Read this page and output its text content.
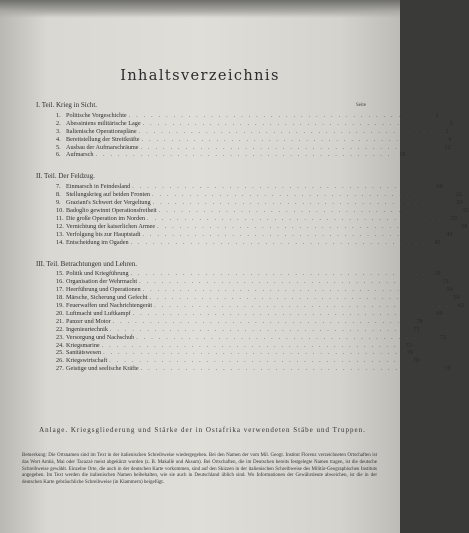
Inhaltsverzeichnis
I. Teil. Krieg in Sicht.	Seite
1. Politische Vorgeschichte . . . . . . . . . . . . . . . . . . . . . . . . . . . . . . . . . . . . . . . .	1
2. Abessiniens militärische Lage . . . . . . . . . . . . . . . . . . . . . . . . . . . . . . . . . . . . . . . .	3
3. Italienische Operationspläne . . . . . . . . . . . . . . . . . . . . . . . . . . . . . . . . . . . . . . . .	5
4. Bereitstellung der Streitkräfte . . . . . . . . . . . . . . . . . . . . . . . . . . . . . . . . . . . . . . . .	6
5. Ausbau der Aufmarschräume . . . . . . . . . . . . . . . . . . . . . . . . . . . . . . . . . . . . . . . .	12
6. Aufmarsch . . . . . . . . . . . . . . . . . . . . . . . . . . . . . . . . . . . . . . . .	16
II. Teil. Der Feldzug.
7. Einmarsch in Feindesland . . . . . . . . . . . . . . . . . . . . . . . . . . . . . . . . . . . . . . . .	18
8. Stellungskrieg auf beiden Fronten . . . . . . . . . . . . . . . . . . . . . . . . . . . . . . . . . . . . . . . .	22
9. Graziani's Schwert der Vergeltung . . . . . . . . . . . . . . . . . . . . . . . . . . . . . . . . . . . . . . . .	29
10. Badoglio gewinnt Operationsfreiheit . . . . . . . . . . . . . . . . . . . . . . . . . . . . . . . . . . . . . . . .	32
11. Die große Operation im Norden . . . . . . . . . . . . . . . . . . . . . . . . . . . . . . . . . . . . . . . .	35
12. Vernichtung der kaiserlichen Armee . . . . . . . . . . . . . . . . . . . . . . . . . . . . . . . . . . . . . . . .	38
13. Verfolgung bis zur Hauptstadt . . . . . . . . . . . . . . . . . . . . . . . . . . . . . . . . . . . . . . . .	40
14. Entscheidung im Ogaden . . . . . . . . . . . . . . . . . . . . . . . . . . . . . . . . . . . . . . . .	45
III. Teil. Betrachtungen und Lehren.
15. Politik und Kriegführung . . . . . . . . . . . . . . . . . . . . . . . . . . . . . . . . . . . . . . . .	50
16. Organisation der Wehrmacht . . . . . . . . . . . . . . . . . . . . . . . . . . . . . . . . . . . . . . . .	51
17. Heerführung und Operationen . . . . . . . . . . . . . . . . . . . . . . . . . . . . . . . . . . . . . . . .	54
18. Märsche, Sicherung und Gefecht . . . . . . . . . . . . . . . . . . . . . . . . . . . . . . . . . . . . . . . .	59
19. Feuerwaffen und Nachrichtengerät . . . . . . . . . . . . . . . . . . . . . . . . . . . . . . . . . . . . . . . .	62
20. Luftmacht und Luftkampf . . . . . . . . . . . . . . . . . . . . . . . . . . . . . . . . . . . . . . . .	66
21. Panzer und Motor . . . . . . . . . . . . . . . . . . . . . . . . . . . . . . . . . . . . . . . .	70
22. Ingenieurtechnik . . . . . . . . . . . . . . . . . . . . . . . . . . . . . . . . . . . . . . . .	71
23. Versorgung und Nachschub . . . . . . . . . . . . . . . . . . . . . . . . . . . . . . . . . . . . . . . .	72
24. Kriegsmarine . . . . . . . . . . . . . . . . . . . . . . . . . . . . . . . . . . . . . . . .	75
25. Sanitätswesen . . . . . . . . . . . . . . . . . . . . . . . . . . . . . . . . . . . . . . . .	76
26. Kriegswirtschaft . . . . . . . . . . . . . . . . . . . . . . . . . . . . . . . . . . . . . . . .	78
27. Geistige und seelische Kräfte . . . . . . . . . . . . . . . . . . . . . . . . . . . . . . . . . . . . . . . .	79
Anlage. Kriegsgliederung und Stärke der in Ostafrika verwendeten Stäbe und Truppen.
Bemerkung: Die Ortsnamen sind im Text in der italienischen Schreibweise wiedergegeben. Bei den Namen der vom Mil. Geogr. Institut Florenz verzeichneten Ortschaften ist das Wort Ambà, Mai oder Tacazzè meist abgekürzt worden (z. B. Makallè und Aksum). Bei Ortschaften, die im Deutschen bereits festgelegte Namen tragen, ist die deutsche Schreibweise gewählt. Einzelne Orte, die auch in der deutschen Karte vorkommen, sind auf den Skizzen in der italienischen Schreibweise des Militär-Geographischen Instituts angegeben. Im Text werden die italienischen Namen beibehalten, wie sie auch in Deutschland üblich sind. Wo Informationen der Gewährsleute abweichen, ist die in der deutschen Karte gebräuchliche Schreibweise (in Klammern) beigefügt.
